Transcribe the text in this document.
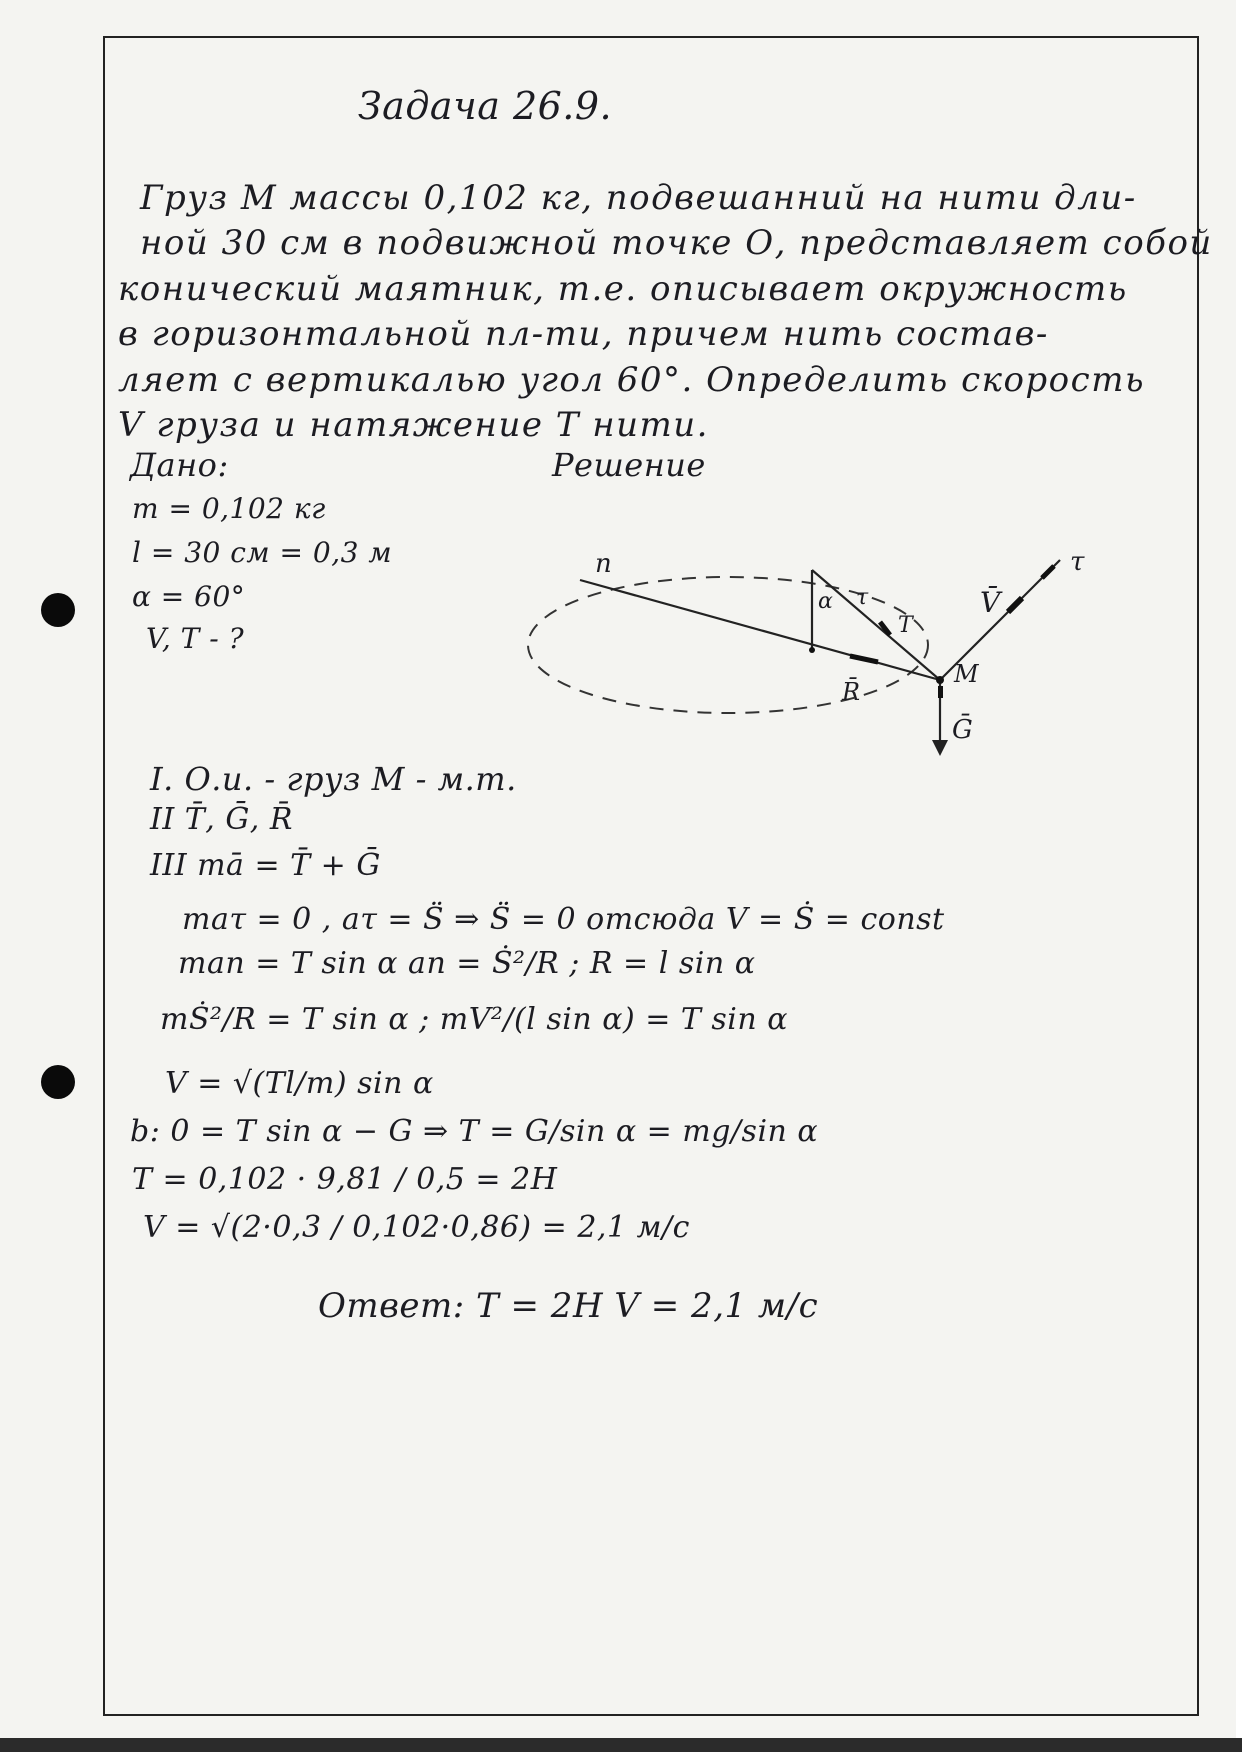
Задача 26.9.
Груз М массы 0,102 кг, подвешанний на нити дли-
ной 30 см в подвижной точке О, представляет собой
конический маятник, т.е. описывает окружность
в горизонтальной пл-ти, причем нить состав-
ляет с вертикалью угол 60°. Определить скорость
V груза и натяжение T нити.
Дано:	Решение
m = 0,102 кг
l = 30 см = 0,3 м
α = 60°
V, T - ?
n
α
T
τ	V̄
τ
R̄
M
Ḡ
I. О.и. - груз М - м.т.
II T̄, Ḡ, R̄
III mā = T̄ + Ḡ
mаτ = 0 , аτ = S̈ ⇒ S̈ = 0 отсюда V = Ṡ = const
man = T sin α an = Ṡ²/R ; R = l sin α
mṠ²/R = T sin α ; mV²/(l sin α) = T sin α
V = √(Tl/m) sin α
b: 0 = T sin α − G ⇒ T = G/sin α = mg/sin α
T = 0,102 · 9,81 / 0,5 = 2H
V = √(2·0,3 / 0,102·0,86) = 2,1 м/с
Ответ: T = 2H V = 2,1 м/с
